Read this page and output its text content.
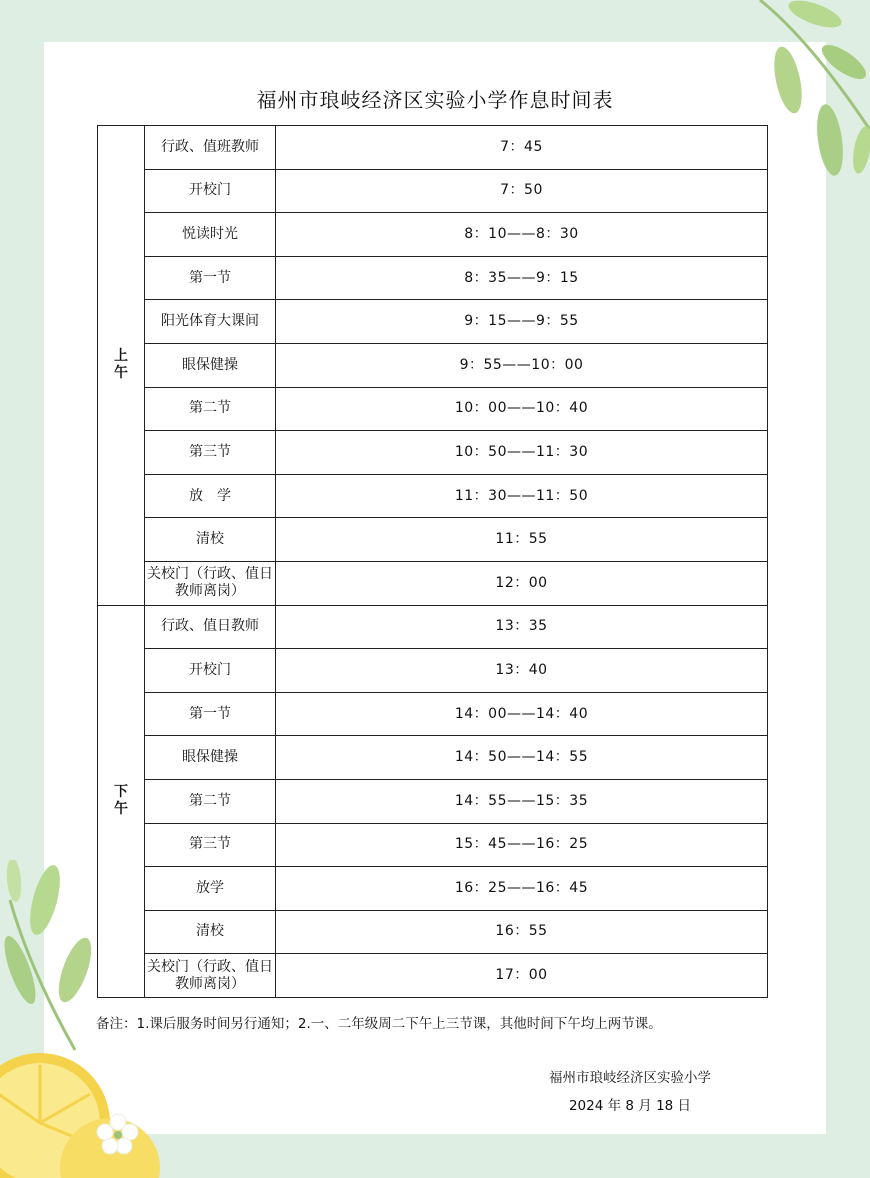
福州市琅岐经济区实验小学作息时间表
上
午	行政、值班教师	7：45
	开校门	7：50
	悦读时光	8：10——8：30
	第一节	8：35——9：15
	阳光体育大课间	9：15——9：55
	眼保健操	9：55——10：00
	第二节	10：00——10：40
	第三节	10：50——11：30
	放　学	11：30——11：50
	清校	11：55
	关校门（行政、值日教师离岗）	12：00

下
午	行政、值日教师	13：35
	开校门	13：40
	第一节	14：00——14：40
	眼保健操	14：50——14：55
	第二节	14：55——15：35
	第三节	15：45——16：25
	放学	16：25——16：45
	清校	16：55
	关校门（行政、值日教师离岗）	17：00
备注：1.课后服务时间另行通知；2.一、二年级周二下午上三节课，其他时间下午均上两节课。
福州市琅岐经济区实验小学
2024 年 8 月 18 日
